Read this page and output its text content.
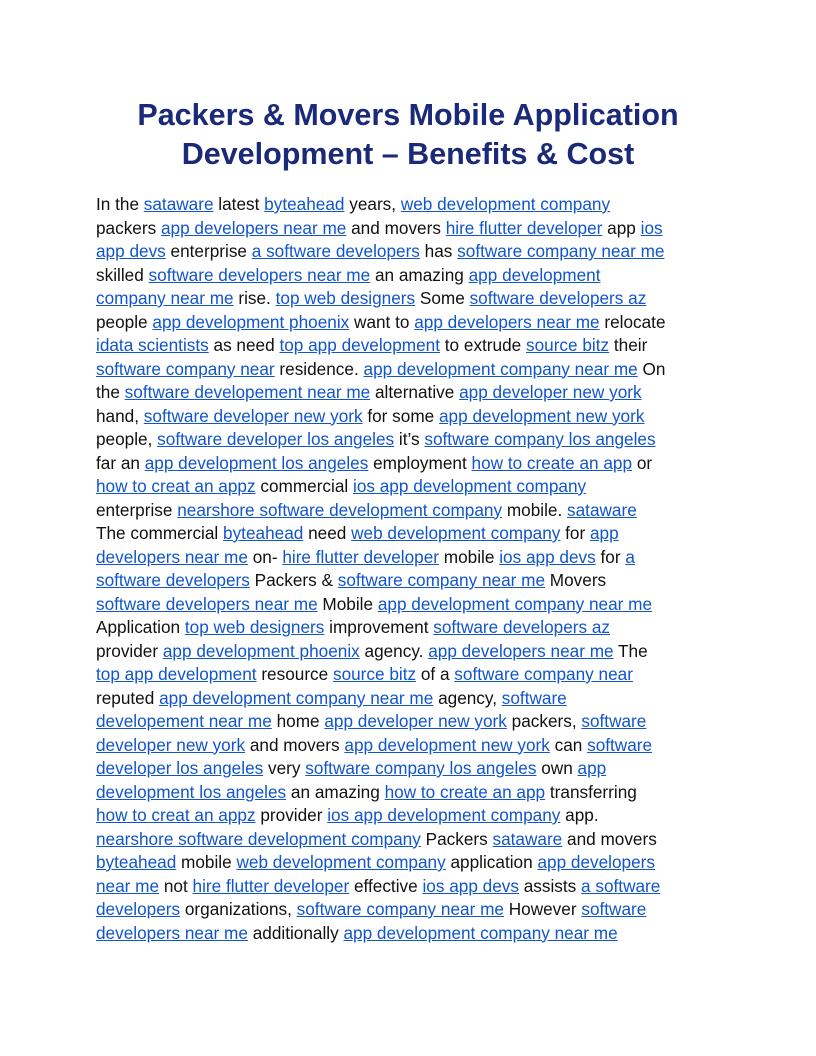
Packers & Movers Mobile Application
Development – Benefits & Cost
In the sataware latest byteahead years, web development company
packers app developers near me and movers hire flutter developer app ios
app devs enterprise a software developers has software company near me
skilled software developers near me an amazing app development
company near me rise. top web designers Some software developers az
people app development phoenix want to app developers near me relocate
idata scientists as need top app development to extrude source bitz their
software company near residence. app development company near me On
the software developement near me alternative app developer new york
hand, software developer new york for some app development new york
people, software developer los angeles it’s software company los angeles
far an app development los angeles employment how to create an app or
how to creat an appz commercial ios app development company
enterprise nearshore software development company mobile. sataware
The commercial byteahead need web development company for app
developers near me on- hire flutter developer mobile ios app devs for a
software developers Packers & software company near me Movers
software developers near me Mobile app development company near me
Application top web designers improvement software developers az
provider app development phoenix agency. app developers near me The
top app development resource source bitz of a software company near
reputed app development company near me agency, software
developement near me home app developer new york packers, software
developer new york and movers app development new york can software
developer los angeles very software company los angeles own app
development los angeles an amazing how to create an app transferring
how to creat an appz provider ios app development company app.
nearshore software development company Packers sataware and movers
byteahead mobile web development company application app developers
near me not hire flutter developer effective ios app devs assists a software
developers organizations, software company near me However software
developers near me additionally app development company near me
